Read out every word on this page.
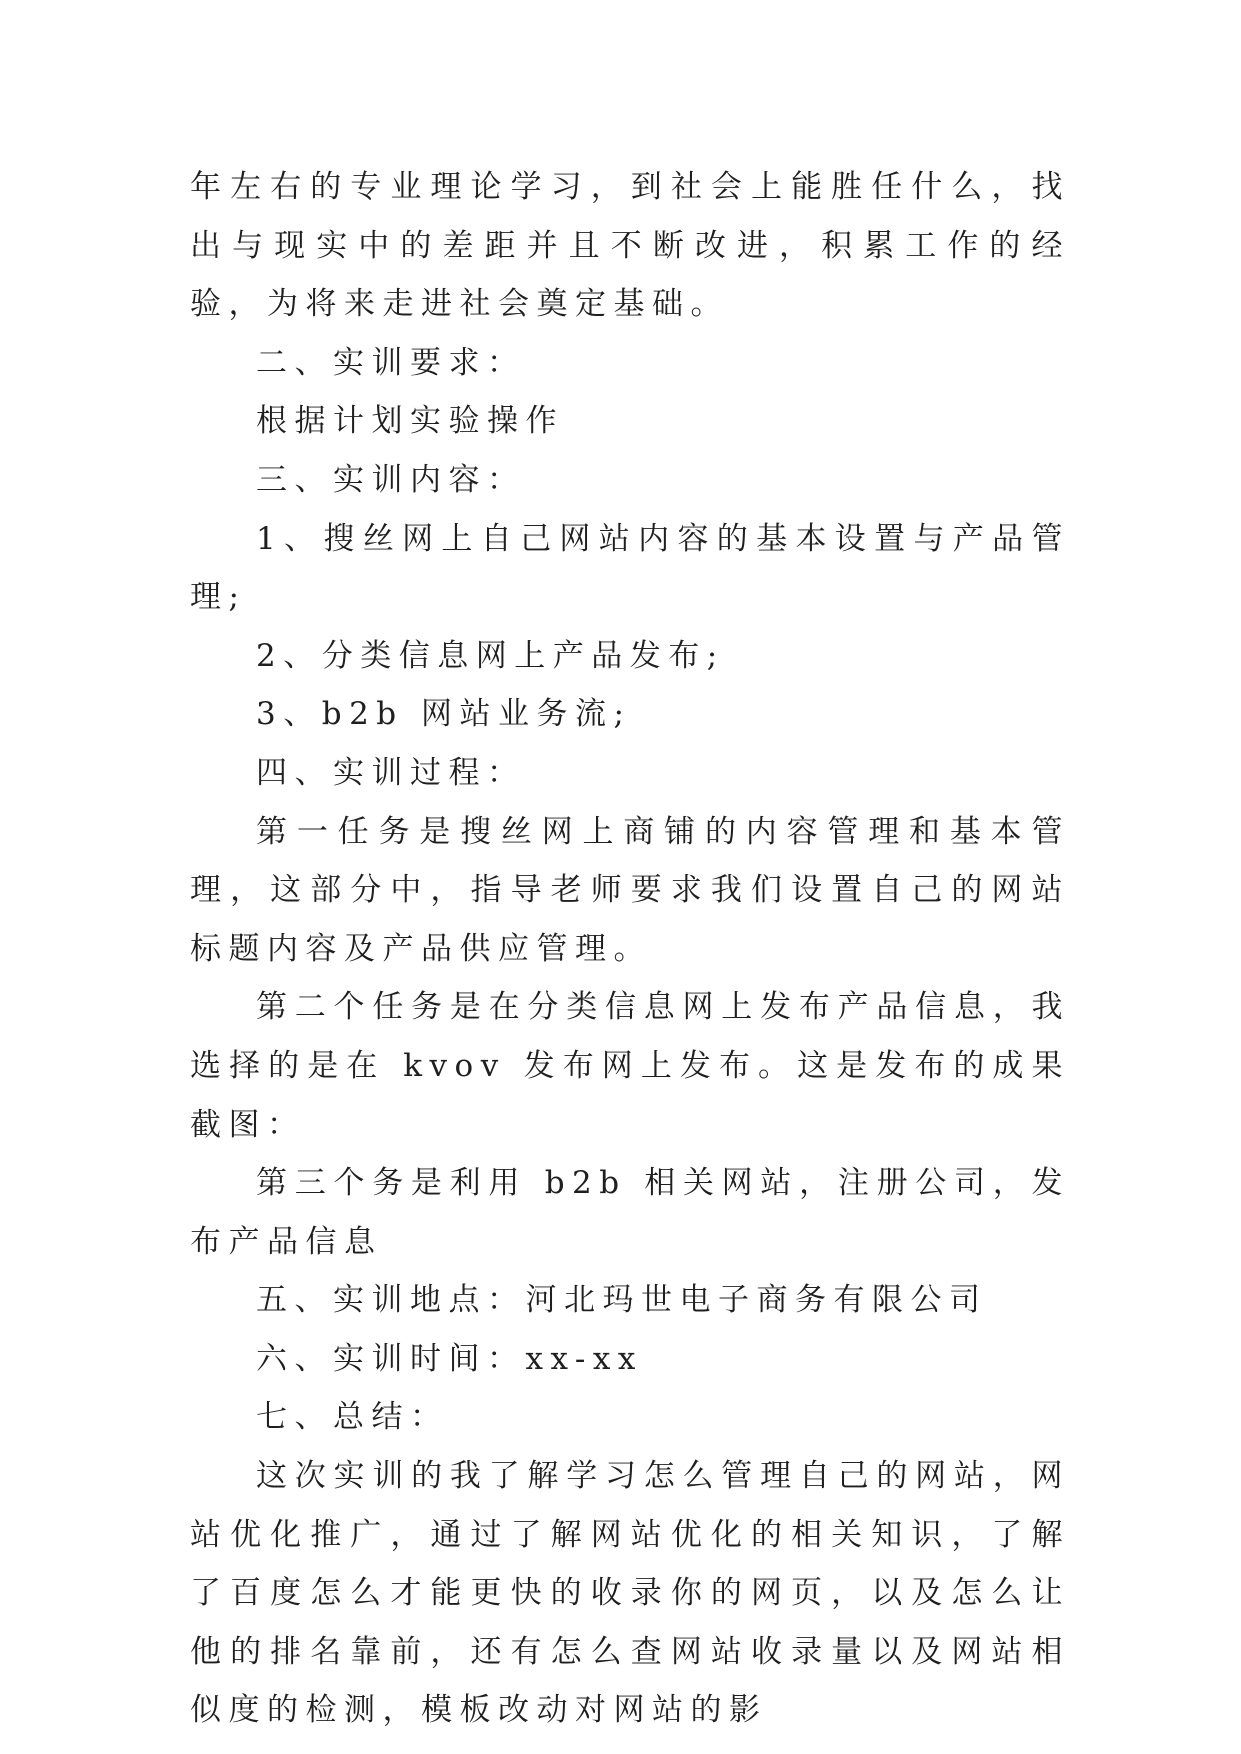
年左右的专业理论学习，到社会上能胜任什么，找出与现实中的差距并且不断改进，积累工作的经验，为将来走进社会奠定基础。

二、实训要求：

根据计划实验操作

三、实训内容：

1、搜丝网上自己网站内容的基本设置与产品管理;

2、分类信息网上产品发布;

3、b2b 网站业务流;

四、实训过程：

第一任务是搜丝网上商铺的内容管理和基本管理，这部分中，指导老师要求我们设置自己的网站标题内容及产品供应管理。

第二个任务是在分类信息网上发布产品信息，我选择的是在 kvov 发布网上发布。这是发布的成果截图：

第三个务是利用 b2b 相关网站，注册公司，发布产品信息

五、实训地点：河北玛世电子商务有限公司

六、实训时间：xx-xx

七、总结：

这次实训的我了解学习怎么管理自己的网站，网站优化推广，通过了解网站优化的相关知识，了解了百度怎么才能更快的收录你的网页，以及怎么让他的排名靠前，还有怎么查网站收录量以及网站相似度的检测，模板改动对网站的影
